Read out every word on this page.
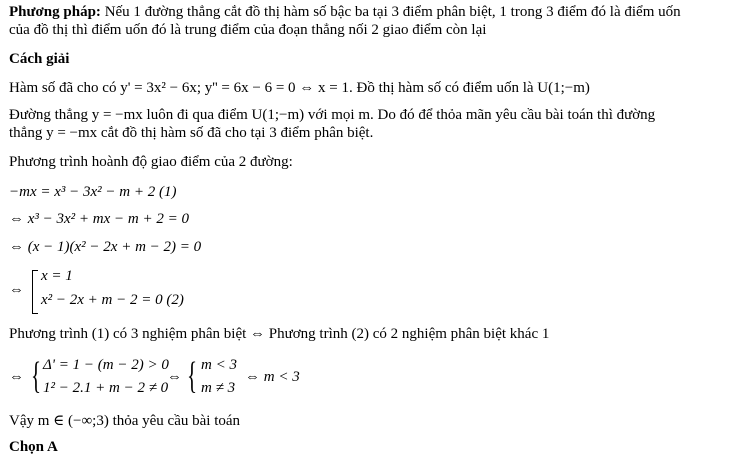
Phương pháp: Nếu 1 đường thẳng cắt đồ thị hàm số bậc ba tại 3 điểm phân biệt, 1 trong 3 điểm đó là điểm uốn
của đồ thị thì điểm uốn đó là trung điểm của đoạn thẳng nối 2 giao điểm còn lại
Cách giải
Hàm số đã cho có y' = 3x² − 6x; y'' = 6x − 6 = 0 ⇔ x = 1. Đồ thị hàm số có điểm uốn là U(1;−m)
Đường thẳng y = −mx luôn đi qua điểm U(1;−m) với mọi m. Do đó để thỏa mãn yêu cầu bài toán thì đường
thẳng y = −mx cắt đồ thị hàm số đã cho tại 3 điểm phân biệt.
Phương trình hoành độ giao điểm của 2 đường:
−mx = x³ − 3x² − m + 2 (1)
⇔ x³ − 3x² + mx − m + 2 = 0
⇔ (x − 1)(x² − 2x + m − 2) = 0
⇔
x = 1
x² − 2x + m − 2 = 0 (2)
Phương trình (1) có 3 nghiệm phân biệt ⇔ Phương trình (2) có 2 nghiệm phân biệt khác 1
⇔ { Δ' = 1 − (m − 2) > 0
1² − 2.1 + m − 2 ≠ 0
⇔ { m < 3
m ≠ 3
⇔ m < 3
Vậy m ∈ (−∞;3) thỏa yêu cầu bài toán
Chọn A
